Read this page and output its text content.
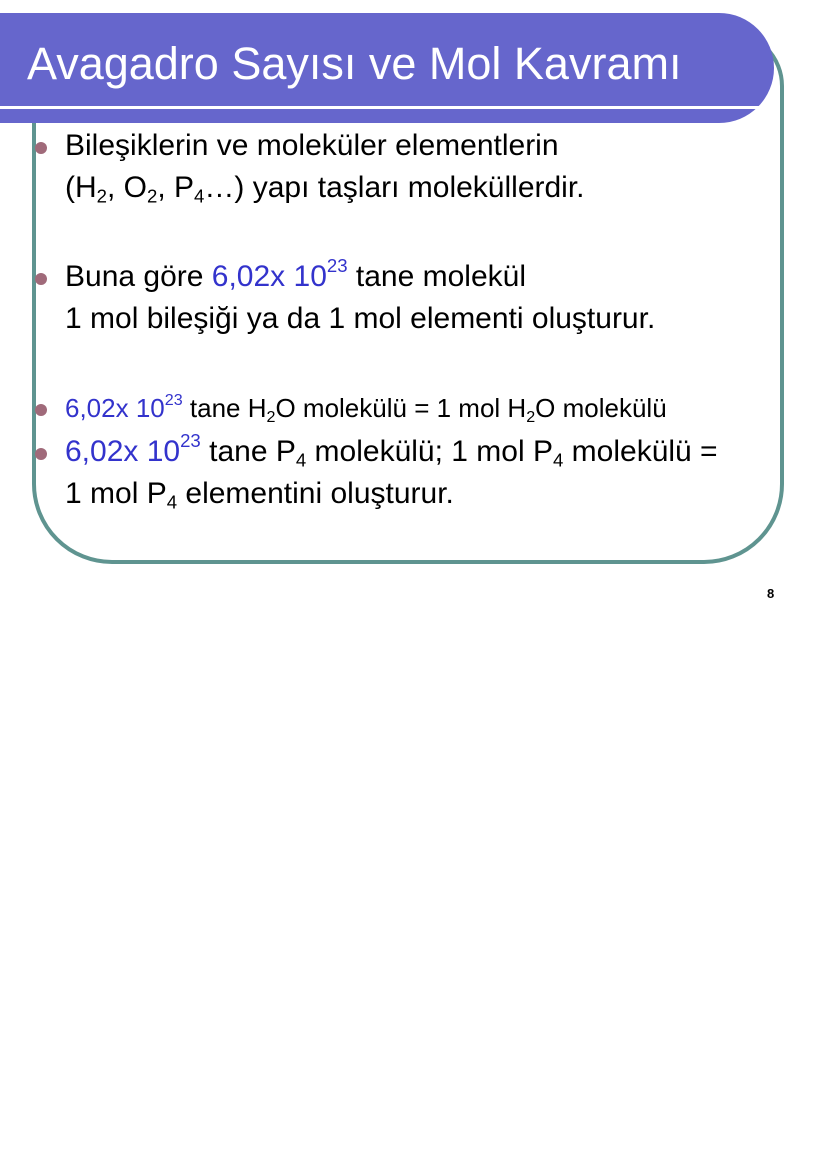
Avagadro Sayısı ve Mol Kavramı
Bileşiklerin ve moleküler elementlerin
($H_2$, $O_2$, $P_4\dots$) yapı taşları moleküllerdir.
Buna göre 6,02x $10^{23}$ tane molekül
1 mol bileşiği ya da 1 mol elementi oluşturur.
6,02x $10^{23}$ tane $H_2O$ molekülü = 1 mol $H_2O$ molekülü
6,02x $10^{23}$ tane $P_4$ molekülü; 1 mol $P_4$ molekülü =
1 mol $P_4$ elementini oluşturur.
8
